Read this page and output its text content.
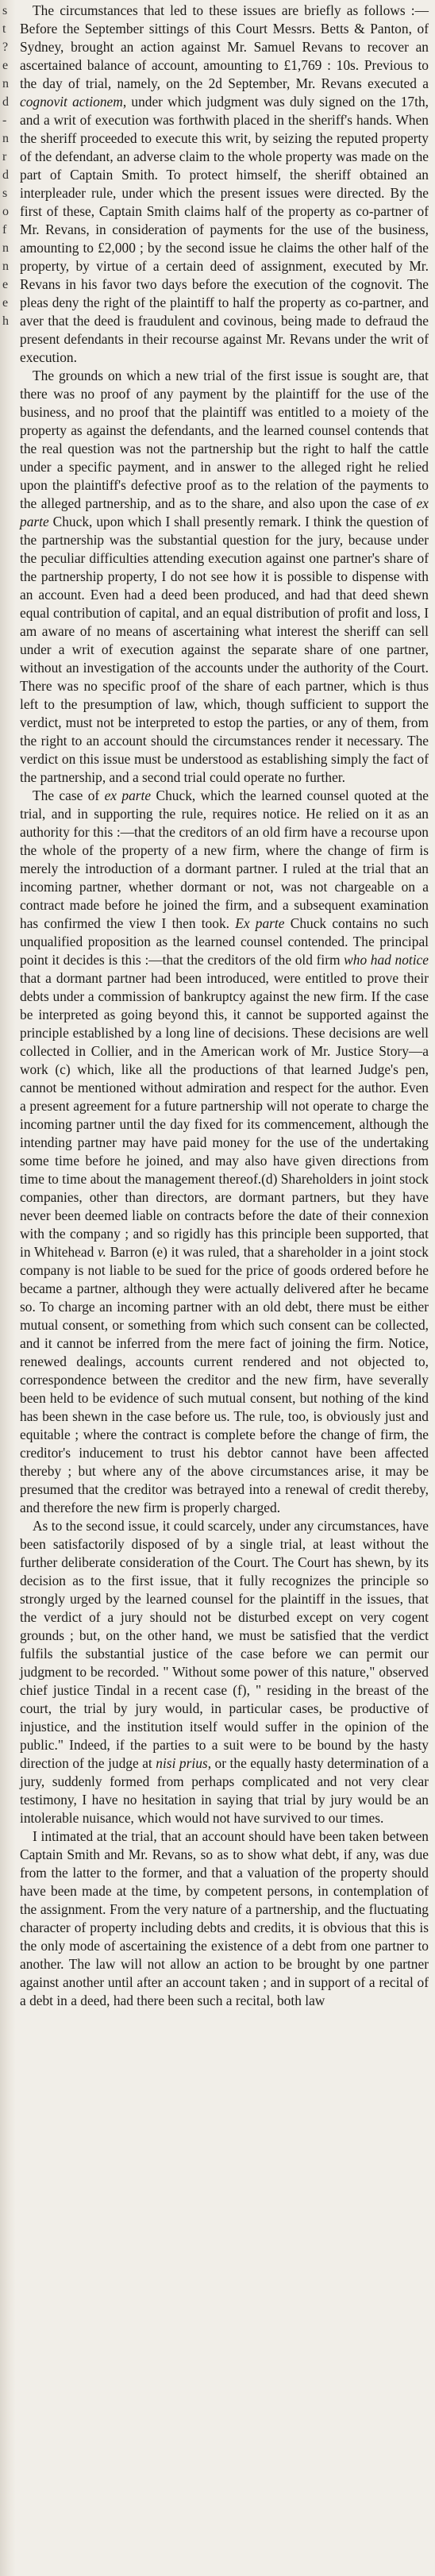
s
t
?
e
n
d
-
n
r
d
s
o
f
n
n
e
e
h

The circumstances that led to these issues are briefly as follows :—Before the September sittings of this Court Messrs. Betts & Panton, of Sydney, brought an action against Mr. Samuel Revans to recover an ascertained balance of account, amounting to £1,769 : 10s. Previous to the day of trial, namely, on the 2d September, Mr. Revans executed a cognovit actionem, under which judgment was duly signed on the 17th, and a writ of execution was forthwith placed in the sheriff's hands. When the sheriff proceeded to execute this writ, by seizing the reputed property of the defendant, an adverse claim to the whole property was made on the part of Captain Smith. To protect himself, the sheriff obtained an interpleader rule, under which the present issues were directed. By the first of these, Captain Smith claims half of the property as co-partner of Mr. Revans, in consideration of payments for the use of the business, amounting to £2,000 ; by the second issue he claims the other half of the property, by virtue of a certain deed of assignment, executed by Mr. Revans in his favor two days before the execution of the cognovit. The pleas deny the right of the plaintiff to half the property as co-partner, and aver that the deed is fraudulent and covinous, being made to defraud the present defendants in their recourse against Mr. Revans under the writ of execution.

The grounds on which a new trial of the first issue is sought are, that there was no proof of any payment by the plaintiff for the use of the business, and no proof that the plaintiff was entitled to a moiety of the property as against the defendants, and the learned counsel contends that the real question was not the partnership but the right to half the cattle under a specific payment, and in answer to the alleged right he relied upon the plaintiff's defective proof as to the relation of the payments to the alleged partnership, and as to the share, and also upon the case of ex parte Chuck, upon which I shall presently remark. I think the question of the partnership was the substantial question for the jury, because under the peculiar difficulties attending execution against one partner's share of the partnership property, I do not see how it is possible to dispense with an account. Even had a deed been produced, and had that deed shewn equal contribution of capital, and an equal distribution of profit and loss, I am aware of no means of ascertaining what interest the sheriff can sell under a writ of execution against the separate share of one partner, without an investigation of the accounts under the authority of the Court. There was no specific proof of the share of each partner, which is thus left to the presumption of law, which, though sufficient to support the verdict, must not be interpreted to estop the parties, or any of them, from the right to an account should the circumstances render it necessary. The verdict on this issue must be understood as establishing simply the fact of the partnership, and a second trial could operate no further.

The case of ex parte Chuck, which the learned counsel quoted at the trial, and in supporting the rule, requires notice. He relied on it as an authority for this :—that the creditors of an old firm have a recourse upon the whole of the property of a new firm, where the change of firm is merely the introduction of a dormant partner. I ruled at the trial that an incoming partner, whether dormant or not, was not chargeable on a contract made before he joined the firm, and a subsequent examination has confirmed the view I then took. Ex parte Chuck contains no such unqualified proposition as the learned counsel contended. The principal point it decides is this :—that the creditors of the old firm who had notice that a dormant partner had been introduced, were entitled to prove their debts under a commission of bankruptcy against the new firm. If the case be interpreted as going beyond this, it cannot be supported against the principle established by a long line of decisions. These decisions are well collected in Collier, and in the American work of Mr. Justice Story—a work (c) which, like all the productions of that learned Judge's pen, cannot be mentioned without admiration and respect for the author. Even a present agreement for a future partnership will not operate to charge the incoming partner until the day fixed for its commencement, although the intending partner may have paid money for the use of the undertaking some time before he joined, and may also have given directions from time to time about the management thereof.(d) Shareholders in joint stock companies, other than directors, are dormant partners, but they have never been deemed liable on contracts before the date of their connexion with the company ; and so rigidly has this principle been supported, that in Whitehead v. Barron (e) it was ruled, that a shareholder in a joint stock company is not liable to be sued for the price of goods ordered before he became a partner, although they were actually delivered after he became so. To charge an incoming partner with an old debt, there must be either mutual consent, or something from which such consent can be collected, and it cannot be inferred from the mere fact of joining the firm. Notice, renewed dealings, accounts current rendered and not objected to, correspondence between the creditor and the new firm, have severally been held to be evidence of such mutual consent, but nothing of the kind has been shewn in the case before us. The rule, too, is obviously just and equitable ; where the contract is complete before the change of firm, the creditor's inducement to trust his debtor cannot have been affected thereby ; but where any of the above circumstances arise, it may be presumed that the creditor was betrayed into a renewal of credit thereby, and therefore the new firm is properly charged.

As to the second issue, it could scarcely, under any circumstances, have been satisfactorily disposed of by a single trial, at least without the further deliberate consideration of the Court. The Court has shewn, by its decision as to the first issue, that it fully recognizes the principle so strongly urged by the learned counsel for the plaintiff in the issues, that the verdict of a jury should not be disturbed except on very cogent grounds ; but, on the other hand, we must be satisfied that the verdict fulfils the substantial justice of the case before we can permit our judgment to be recorded. " Without some power of this nature," observed chief justice Tindal in a recent case (f), " residing in the breast of the court, the trial by jury would, in particular cases, be productive of injustice, and the institution itself would suffer in the opinion of the public." Indeed, if the parties to a suit were to be bound by the hasty direction of the judge at nisi prius, or the equally hasty determination of a jury, suddenly formed from perhaps complicated and not very clear testimony, I have no hesitation in saying that trial by jury would be an intolerable nuisance, which would not have survived to our times.

I intimated at the trial, that an account should have been taken between Captain Smith and Mr. Revans, so as to show what debt, if any, was due from the latter to the former, and that a valuation of the property should have been made at the time, by competent persons, in contemplation of the assignment. From the very nature of a partnership, and the fluctuating character of property including debts and credits, it is obvious that this is the only mode of ascertaining the existence of a debt from one partner to another. The law will not allow an action to be brought by one partner against another until after an account taken ; and in support of a recital of a debt in a deed, had there been such a recital, both law
